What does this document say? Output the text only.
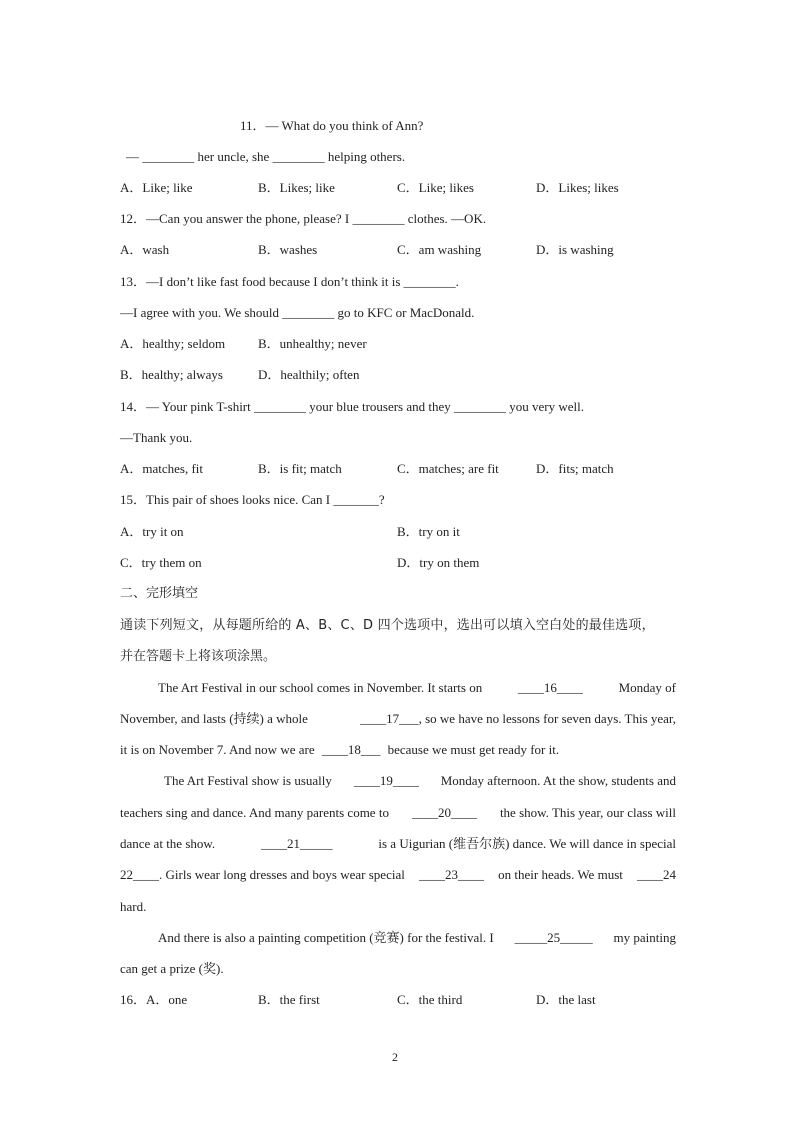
11．— What do you think of Ann?
— ________ her uncle, she ________ helping others.
A．Like; like	B．Likes; like	C．Like; likes	D．Likes; likes
12．—Can you answer the phone, please? I ________ clothes. —OK.
A．wash	B．washes	C．am washing	D．is washing
13．—I don’t like fast food because I don’t think it is ________.
—I agree with you. We should ________ go to KFC or MacDonald.
A．healthy; seldom	B．unhealthy; never
B．healthy; always	D．healthily; often
14．— Your pink T-shirt ________ your blue trousers and they ________ you very well.
—Thank you.
A．matches, fit	B．is fit; match	C．matches; are fit	D．fits; match
15．This pair of shoes looks nice. Can I _______?
A．try it on	B．try on it
C．try them on	D．try on them
二、完形填空
通读下列短文，从每题所给的 A、B、C、D 四个选项中，选出可以填入空白处的最佳选项，
并在答题卡上将该项涂黑。
The Art Festival in our school comes in November. It starts on	____16____	Monday of
November, and lasts (持续) a whole	____17___ , so we have no lessons for seven days. This year,
it is on November 7. And now we are ____18___ because we must get ready for it.
The Art Festival show is usually ____19____ Monday afternoon. At the show, students and
teachers sing and dance. And many parents come to ____20____ the show. This year, our class will
dance at the show.	____21_____	is a Uigurian (维吾尔族) dance. We will dance in special
22____ . Girls wear long dresses and boys wear special ____23____ on their heads. We must ____24
hard.
And there is also a painting competition (竞赛) for the festival. I _____25_____ my painting
can get a prize (奖).
16．A．one	B．the first	C．the third	D．the last
2
